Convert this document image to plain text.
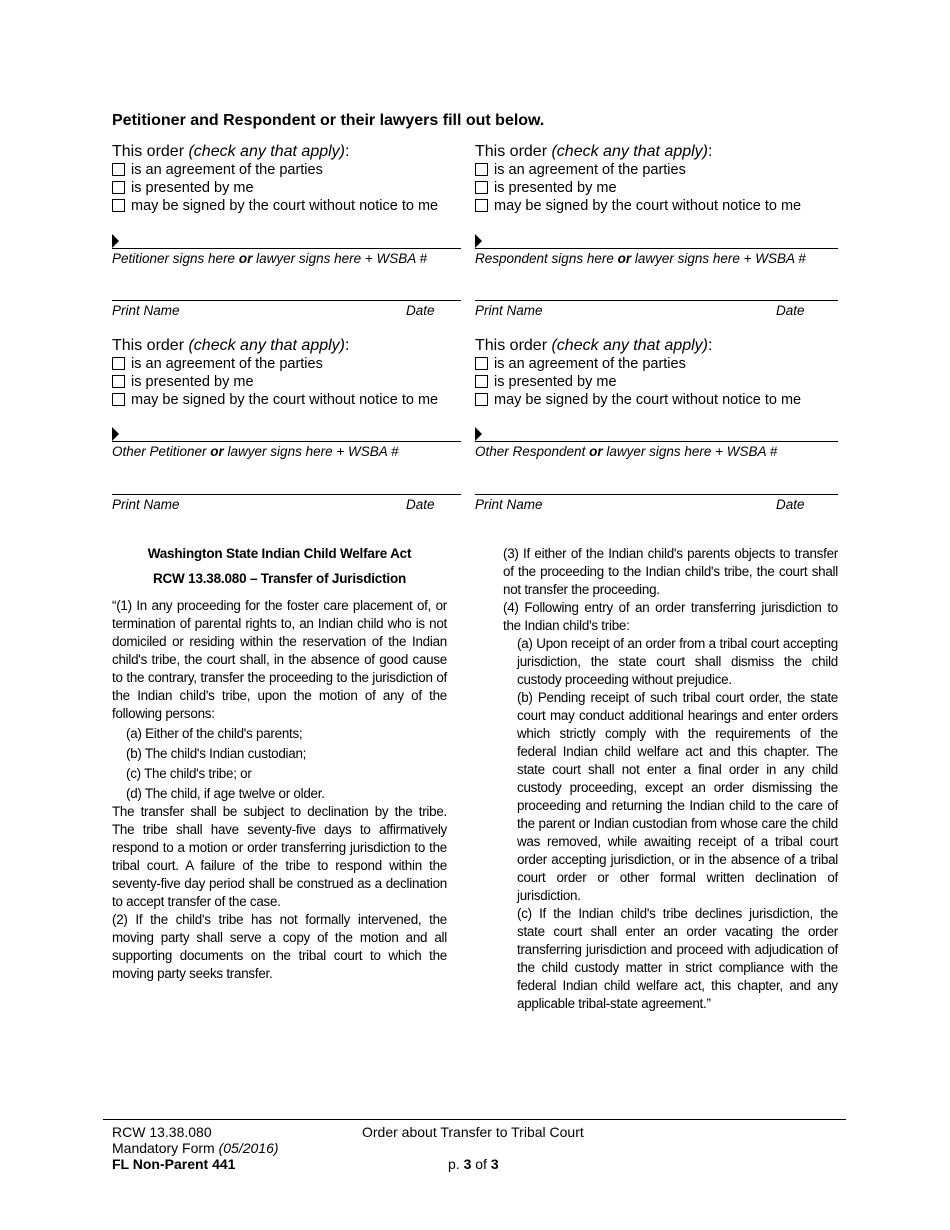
Petitioner and Respondent or their lawyers fill out below.
This order (check any that apply):
is an agreement of the parties
is presented by me
may be signed by the court without notice to me
Petitioner signs here or lawyer signs here + WSBA #
Print Name	Date
This order (check any that apply):
is an agreement of the parties
is presented by me
may be signed by the court without notice to me
Respondent signs here or lawyer signs here + WSBA #
Print Name	Date
This order (check any that apply):
is an agreement of the parties
is presented by me
may be signed by the court without notice to me
Other Petitioner or lawyer signs here + WSBA #
Print Name	Date
This order (check any that apply):
is an agreement of the parties
is presented by me
may be signed by the court without notice to me
Other Respondent or lawyer signs here + WSBA #
Print Name	Date
Washington State Indian Child Welfare Act
RCW 13.38.080 – Transfer of Jurisdiction

“(1) In any proceeding for the foster care placement of, or termination of parental rights to, an Indian child who is not domiciled or residing within the reservation of the Indian child's tribe, the court shall, in the absence of good cause to the contrary, transfer the proceeding to the jurisdiction of the Indian child's tribe, upon the motion of any of the following persons:

(a) Either of the child's parents;

(b) The child's Indian custodian;

(c) The child's tribe; or

(d) The child, if age twelve or older.

The transfer shall be subject to declination by the tribe. The tribe shall have seventy-five days to affirmatively respond to a motion or order transferring jurisdiction to the tribal court. A failure of the tribe to respond within the seventy-five day period shall be construed as a declination to accept transfer of the case.

(2) If the child's tribe has not formally intervened, the moving party shall serve a copy of the motion and all supporting documents on the tribal court to which the moving party seeks transfer.

(3) If either of the Indian child's parents objects to transfer of the proceeding to the Indian child's tribe, the court shall not transfer the proceeding.

(4) Following entry of an order transferring jurisdiction to the Indian child's tribe:

(a) Upon receipt of an order from a tribal court accepting jurisdiction, the state court shall dismiss the child custody proceeding without prejudice.

(b) Pending receipt of such tribal court order, the state court may conduct additional hearings and enter orders which strictly comply with the requirements of the federal Indian child welfare act and this chapter. The state court shall not enter a final order in any child custody proceeding, except an order dismissing the proceeding and returning the Indian child to the care of the parent or Indian custodian from whose care the child was removed, while awaiting receipt of a tribal court order accepting jurisdiction, or in the absence of a tribal court order or other formal written declination of jurisdiction.

(c) If the Indian child's tribe declines jurisdiction, the state court shall enter an order vacating the order transferring jurisdiction and proceed with adjudication of the child custody matter in strict compliance with the federal Indian child welfare act, this chapter, and any applicable tribal-state agreement.”

RCW 13.38.080
Mandatory Form (05/2016)
FL Non-Parent 441
Order about Transfer to Tribal Court
p. 3 of 3
